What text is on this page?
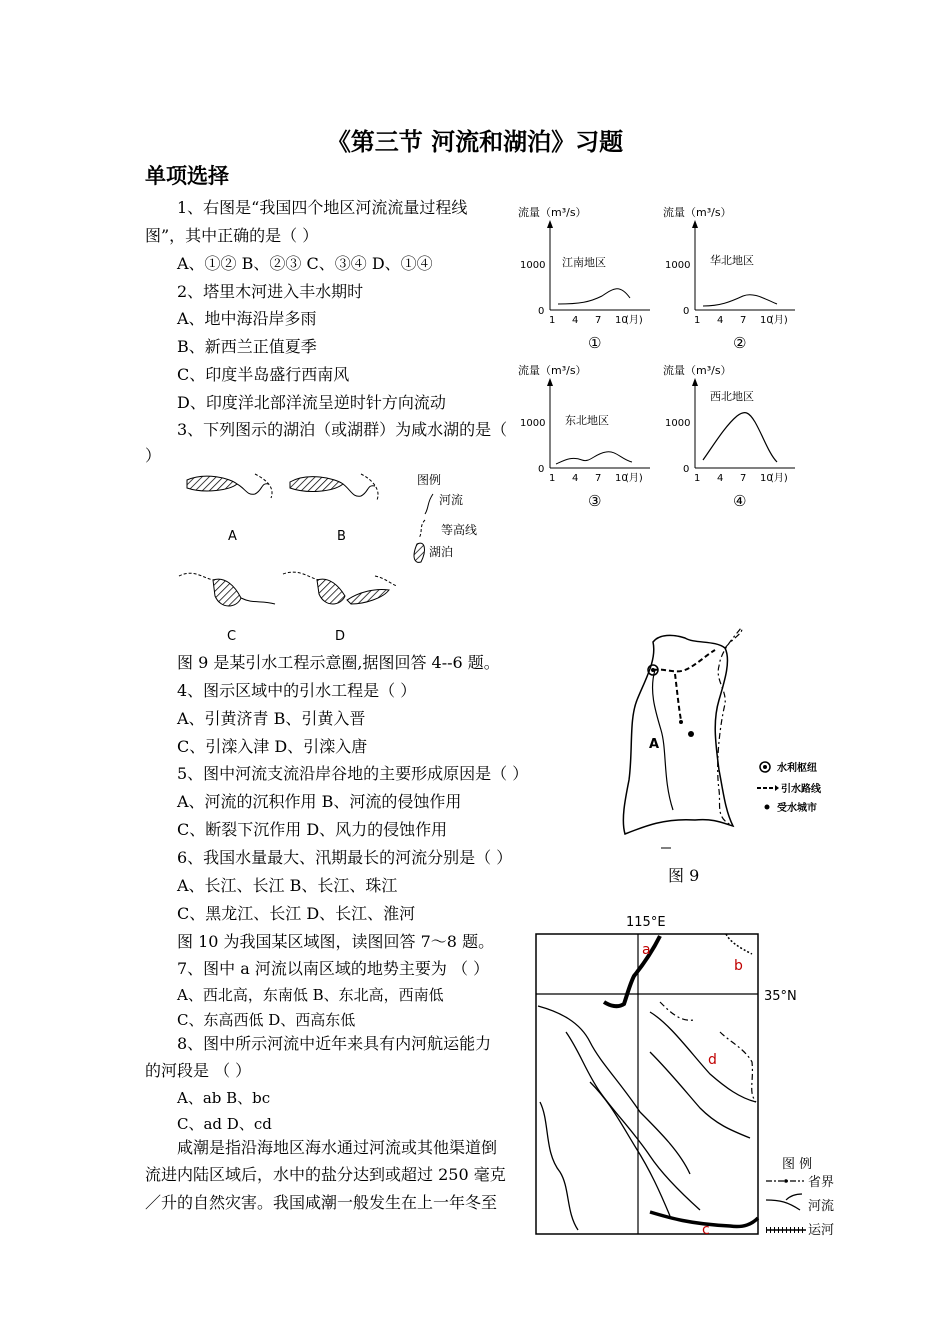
《第三节 河流和湖泊》习题
单项选择
1、右图是“我国四个地区河流流量过程线
图”，其中正确的是（ ）
A、①② B、②③ C、③④ D、①④
2、塔里木河进入丰水期时
A、地中海沿岸多雨
B、新西兰正值夏季
C、印度半岛盛行西南风
D、印度洋北部洋流呈逆时针方向流动
3、下列图示的湖泊（或湖群）为咸水湖的是（
）
图 9 是某引水工程示意圈,据图回答 4--6 题。
4、图示区域中的引水工程是（ ）
A、引黄济青 B、引黄入晋
C、引滦入津 D、引滦入唐
5、图中河流支流沿岸谷地的主要形成原因是（ ）
A、河流的沉积作用 B、河流的侵蚀作用
C、断裂下沉作用 D、风力的侵蚀作用
6、我国水量最大、汛期最长的河流分别是（ ）
A、长江、长江 B、长江、珠江
C、黑龙江、长江 D、长江、淮河
图 10 为我国某区域图，读图回答 7～8 题。
7、图中 a 河流以南区域的地势主要为 （ ）
A、西北高，东南低 B、东北高，西南低
C、东高西低 D、西高东低
8、图中所示河流中近年来具有内河航运能力
的河段是 （ ）
A、ab B、bc
C、ad D、cd
咸潮是指沿海地区海水通过河流或其他渠道倒
流进内陆区域后，水中的盐分达到或超过 250 毫克
／升的自然灾害。我国咸潮一般发生在上一年冬至
流量（m³/s）
1000
0
1 4 7 10
(月)
江南地区
①
流量（m³/s）
1000
0
1 4 7 10
(月)
华北地区
②
流量（m³/s）
1000
0
1 4 7 10
(月)
东北地区
③
流量（m³/s）
1000
0
1 4 7 10
(月)
西北地区
④
A	B
C	D
图例
河流
等高线
湖泊
A
水利枢纽
引水路线
受水城市
图 9
115°E
35°N
a
b
c
d
图 例
省界
河流
运河
